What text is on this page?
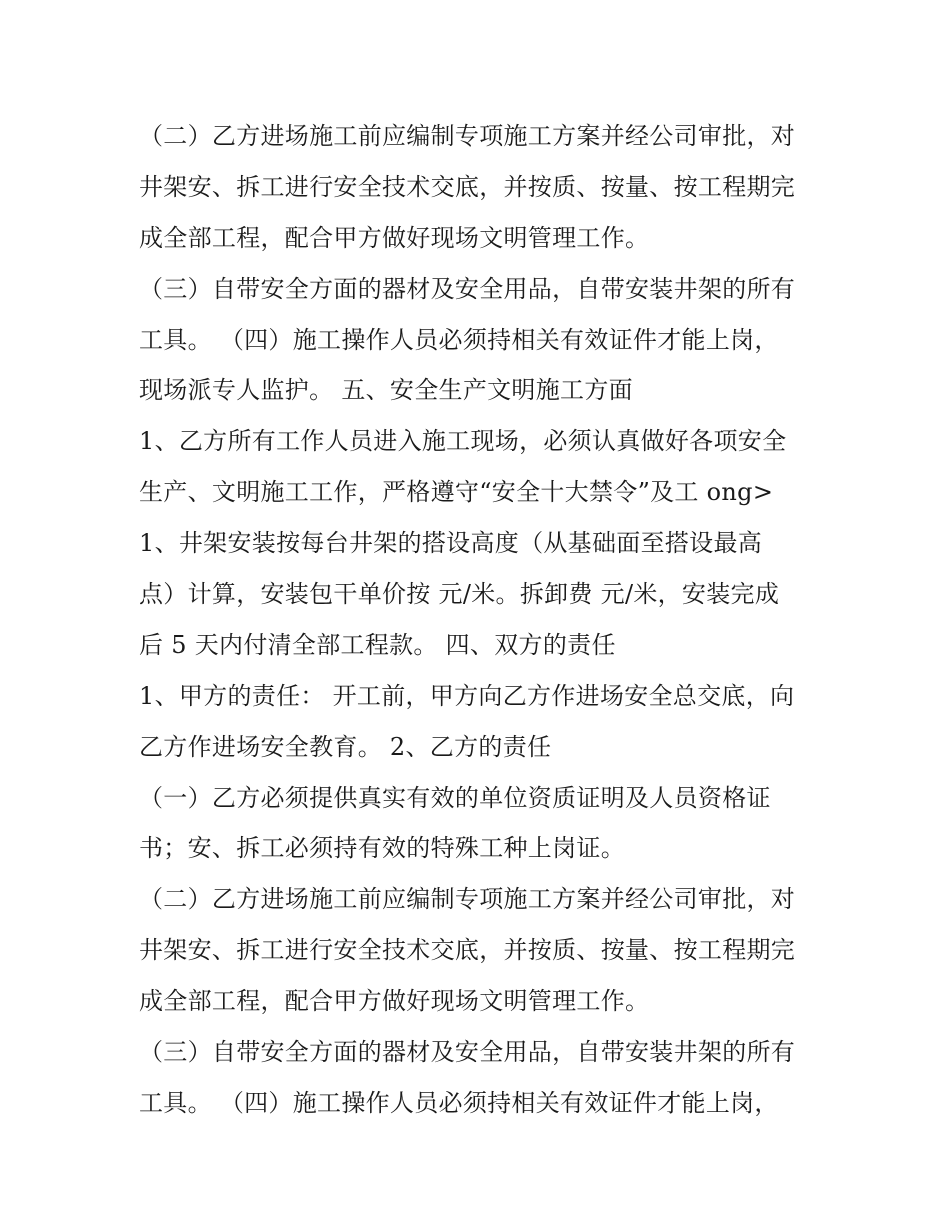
（二）乙方进场施工前应编制专项施工方案并经公司审批，对
井架安、拆工进行安全技术交底，并按质、按量、按工程期完
成全部工程，配合甲方做好现场文明管理工作。
（三）自带安全方面的器材及安全用品，自带安装井架的所有
工具。 （四）施工操作人员必须持相关有效证件才能上岗，
现场派专人监护。 五、安全生产文明施工方面
1、乙方所有工作人员进入施工现场，必须认真做好各项安全
生产、文明施工工作，严格遵守“安全十大禁令”及工 ong>
1、井架安装按每台井架的搭设高度（从基础面至搭设最高
点）计算，安装包干单价按 元/米。拆卸费 元/米，安装完成
后 5 天内付清全部工程款。 四、双方的责任
1、甲方的责任： 开工前，甲方向乙方作进场安全总交底，向
乙方作进场安全教育。 2、乙方的责任
（一）乙方必须提供真实有效的单位资质证明及人员资格证
书；安、拆工必须持有效的特殊工种上岗证。
（二）乙方进场施工前应编制专项施工方案并经公司审批，对
井架安、拆工进行安全技术交底，并按质、按量、按工程期完
成全部工程，配合甲方做好现场文明管理工作。
（三）自带安全方面的器材及安全用品，自带安装井架的所有
工具。 （四）施工操作人员必须持相关有效证件才能上岗，
